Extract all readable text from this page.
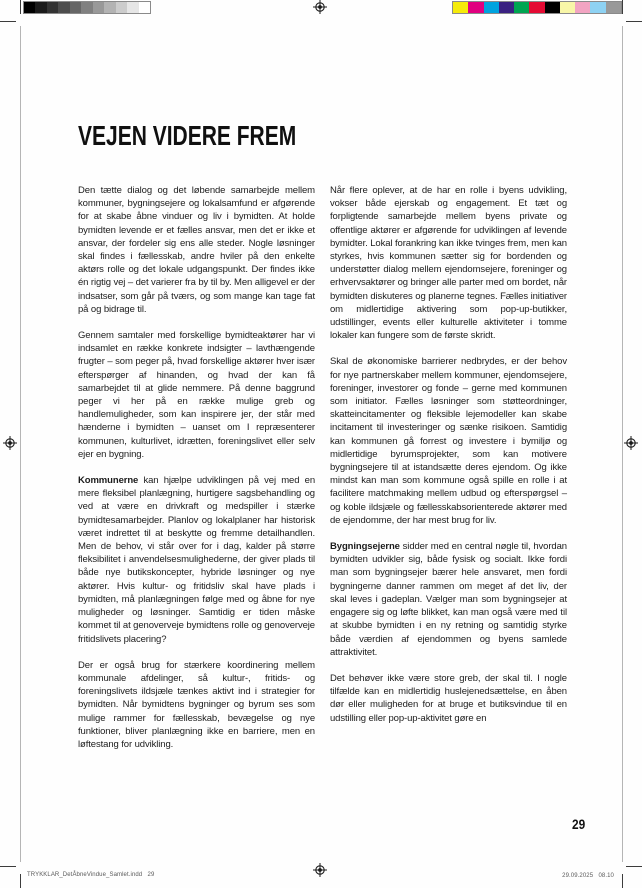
VEJEN VIDERE FREM

Den tætte dialog og det løbende samarbejde mellem kommuner, bygningsejere og lokalsamfund er afgørende for at skabe åbne vinduer og liv i bymidten. At holde bymidten levende er et fælles ansvar, men det er ikke et ansvar, der fordeler sig ens alle steder. Nogle løsninger skal findes i fællesskab, andre hviler på den enkelte aktørs rolle og det lokale udgangspunkt. Der findes ikke én rigtig vej – det varierer fra by til by. Men alligevel er der indsatser, som går på tværs, og som mange kan tage fat på og bidrage til.

Gennem samtaler med forskellige bymidteaktører har vi indsamlet en række konkrete indsigter – lavthængende frugter – som peger på, hvad forskellige aktører hver især efterspørger af hinanden, og hvad der kan få samarbejdet til at glide nemmere. På denne baggrund peger vi her på en række mulige greb og handlemuligheder, som kan inspirere jer, der står med hænderne i bymidten – uanset om I repræsenterer kommunen, kulturlivet, idrætten, foreningslivet eller selv ejer en bygning.

Kommunerne kan hjælpe udviklingen på vej med en mere fleksibel planlægning, hurtigere sagsbehandling og ved at være en drivkraft og medspiller i stærke bymidtesamarbejder. Planlov og lokalplaner har historisk været indrettet til at beskytte og fremme detailhandlen. Men de behov, vi står over for i dag, kalder på større fleksibilitet i anvendelsesmulighederne, der giver plads til både nye butikskoncepter, hybride løsninger og nye aktører. Hvis kultur- og fritidsliv skal have plads i bymidten, må planlægningen følge med og åbne for nye muligheder og løsninger. Samtidig er tiden måske kommet til at genoverveje bymidtens rolle og genoverveje fritidslivets placering?

Der er også brug for stærkere koordinering mellem kommunale afdelinger, så kultur-, fritids- og foreningslivets ildsjæle tænkes aktivt ind i strategier for bymidten. Når bymidtens bygninger og byrum ses som mulige rammer for fællesskab, bevægelse og nye funktioner, bliver planlægning ikke en barriere, men en løftestang for udvikling.

Når flere oplever, at de har en rolle i byens udvikling, vokser både ejerskab og engagement. Et tæt og forpligtende samarbejde mellem byens private og offentlige aktører er afgørende for udviklingen af levende bymidter. Lokal forankring kan ikke tvinges frem, men kan styrkes, hvis kommunen sætter sig for bordenden og understøtter dialog mellem ejendomsejere, foreninger og erhvervsaktører og bringer alle parter med om bordet, når bymidten diskuteres og planerne tegnes. Fælles initiativer om midlertidige aktivering som pop-up-butikker, udstillinger, events eller kulturelle aktiviteter i tomme lokaler kan fungere som de første skridt.

Skal de økonomiske barrierer nedbrydes, er der behov for nye partnerskaber mellem kommuner, ejendomsejere, foreninger, investorer og fonde – gerne med kommunen som initiator. Fælles løsninger som støtteordninger, skatteincitamenter og fleksible lejemodeller kan skabe incitament til investeringer og sænke risikoen. Samtidig kan kommunen gå forrest og investere i bymiljø og midlertidige byrumsprojekter, som kan motivere bygningsejere til at istandsætte deres ejendom. Og ikke mindst kan man som kommune også spille en rolle i at facilitere matchmaking mellem udbud og efterspørgsel – og koble ildsjæle og fællesskabsorienterede aktører med de ejendomme, der har mest brug for liv.

Bygningsejerne sidder med en central nøgle til, hvordan bymidten udvikler sig, både fysisk og socialt. Ikke fordi man som bygningsejer bærer hele ansvaret, men fordi bygningerne danner rammen om meget af det liv, der skal leves i gadeplan. Vælger man som bygningsejer at engagere sig og løfte blikket, kan man også være med til at skubbe bymidten i en ny retning og samtidig styrke både værdien af ejendommen og byens samlede attraktivitet.

Det behøver ikke være store greb, der skal til. I nogle tilfælde kan en midlertidig huslejenedsættelse, en åben dør eller muligheden for at bruge et butiksvindue til en udstilling eller pop-up-aktivitet gøre en

29
TRYKKLAR_DetÅbneVindue_Samlet.indd   29	29.09.2025   08.10
